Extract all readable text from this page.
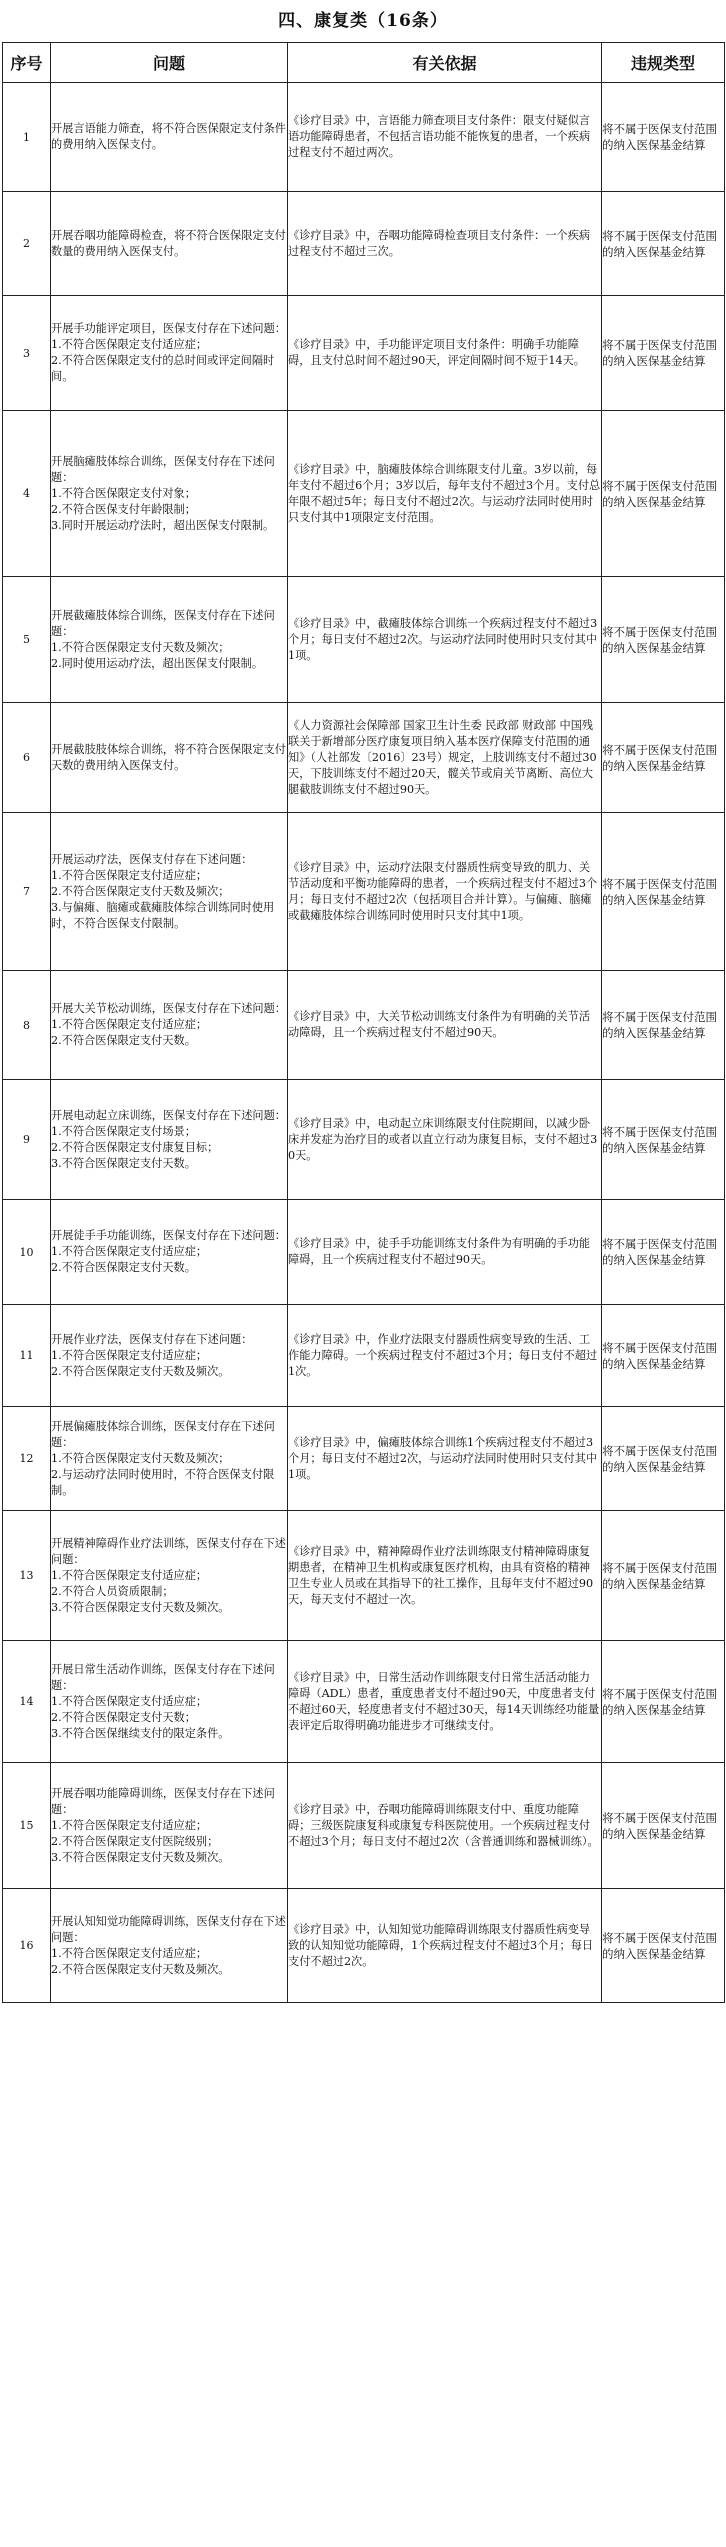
四、康复类（16条）
序号	问题	有关依据	违规类型
1	开展言语能力筛查，将不符合医保限定支付条件的费用纳入医保支付。	《诊疗目录》中，言语能力筛查项目支付条件：限支付疑似言语功能障碍患者，不包括言语功能不能恢复的患者，一个疾病过程支付不超过两次。	将不属于医保支付范围的纳入医保基金结算
2	开展吞咽功能障碍检查，将不符合医保限定支付数量的费用纳入医保支付。	《诊疗目录》中，吞咽功能障碍检查项目支付条件：一个疾病过程支付不超过三次。	将不属于医保支付范围的纳入医保基金结算
3	开展手功能评定项目，医保支付存在下述问题：
1.不符合医保限定支付适应症；
2.不符合医保限定支付的总时间或评定间隔时间。	《诊疗目录》中，手功能评定项目支付条件：明确手功能障碍，且支付总时间不超过90天，评定间隔时间不短于14天。	将不属于医保支付范围的纳入医保基金结算
4	开展脑瘫肢体综合训练，医保支付存在下述问题：
1.不符合医保限定支付对象；
2.不符合医保支付年龄限制；
3.同时开展运动疗法时，超出医保支付限制。	《诊疗目录》中，脑瘫肢体综合训练限支付儿童。3岁以前，每年支付不超过6个月；3岁以后，每年支付不超过3个月。支付总年限不超过5年；每日支付不超过2次。与运动疗法同时使用时只支付其中1项限定支付范围。	将不属于医保支付范围的纳入医保基金结算
5	开展截瘫肢体综合训练，医保支付存在下述问题：
1.不符合医保限定支付天数及频次；
2.同时使用运动疗法，超出医保支付限制。	《诊疗目录》中，截瘫肢体综合训练一个疾病过程支付不超过3个月；每日支付不超过2次。与运动疗法同时使用时只支付其中1项。	将不属于医保支付范围的纳入医保基金结算
6	开展截肢肢体综合训练，将不符合医保限定支付天数的费用纳入医保支付。	《人力资源社会保障部 国家卫生计生委 民政部 财政部 中国残联关于新增部分医疗康复项目纳入基本医疗保障支付范围的通知》（人社部发〔2016〕23号）规定，上肢训练支付不超过30天，下肢训练支付不超过20天，髋关节或肩关节离断、高位大腿截肢训练支付不超过90天。	将不属于医保支付范围的纳入医保基金结算
7	开展运动疗法，医保支付存在下述问题：
1.不符合医保限定支付适应症；
2.不符合医保限定支付天数及频次；
3.与偏瘫、脑瘫或截瘫肢体综合训练同时使用时，不符合医保支付限制。	《诊疗目录》中，运动疗法限支付器质性病变导致的肌力、关节活动度和平衡功能障碍的患者，一个疾病过程支付不超过3个月；每日支付不超过2次（包括项目合并计算）。与偏瘫、脑瘫或截瘫肢体综合训练同时使用时只支付其中1项。	将不属于医保支付范围的纳入医保基金结算
8	开展大关节松动训练，医保支付存在下述问题：
1.不符合医保限定支付适应症；
2.不符合医保限定支付天数。	《诊疗目录》中，大关节松动训练支付条件为有明确的关节活动障碍，且一个疾病过程支付不超过90天。	将不属于医保支付范围的纳入医保基金结算
9	开展电动起立床训练，医保支付存在下述问题：
1.不符合医保限定支付场景；
2.不符合医保限定支付康复目标；
3.不符合医保限定支付天数。	《诊疗目录》中，电动起立床训练限支付住院期间，以减少卧床并发症为治疗目的或者以直立行动为康复目标，支付不超过30天。	将不属于医保支付范围的纳入医保基金结算
10	开展徒手手功能训练，医保支付存在下述问题：
1.不符合医保限定支付适应症；
2.不符合医保限定支付天数。	《诊疗目录》中，徒手手功能训练支付条件为有明确的手功能障碍，且一个疾病过程支付不超过90天。	将不属于医保支付范围的纳入医保基金结算
11	开展作业疗法，医保支付存在下述问题：
1.不符合医保限定支付适应症；
2.不符合医保限定支付天数及频次。	《诊疗目录》中，作业疗法限支付器质性病变导致的生活、工作能力障碍。一个疾病过程支付不超过3个月；每日支付不超过1次。	将不属于医保支付范围的纳入医保基金结算
12	开展偏瘫肢体综合训练，医保支付存在下述问题：
1.不符合医保限定支付天数及频次；
2.与运动疗法同时使用时，不符合医保支付限制。	《诊疗目录》中，偏瘫肢体综合训练1个疾病过程支付不超过3个月；每日支付不超过2次，与运动疗法同时使用时只支付其中1项。	将不属于医保支付范围的纳入医保基金结算
13	开展精神障碍作业疗法训练，医保支付存在下述问题：
1.不符合医保限定支付适应症；
2.不符合人员资质限制；
3.不符合医保限定支付天数及频次。	《诊疗目录》中，精神障碍作业疗法训练限支付精神障碍康复期患者，在精神卫生机构或康复医疗机构，由具有资格的精神卫生专业人员或在其指导下的社工操作，且每年支付不超过90天，每天支付不超过一次。	将不属于医保支付范围的纳入医保基金结算
14	开展日常生活动作训练，医保支付存在下述问题：
1.不符合医保限定支付适应症；
2.不符合医保限定支付天数；
3.不符合医保继续支付的限定条件。	《诊疗目录》中，日常生活动作训练限支付日常生活活动能力障碍（ADL）患者，重度患者支付不超过90天，中度患者支付不超过60天，轻度患者支付不超过30天，每14天训练经功能量表评定后取得明确功能进步才可继续支付。	将不属于医保支付范围的纳入医保基金结算
15	开展吞咽功能障碍训练，医保支付存在下述问题：
1.不符合医保限定支付适应症；
2.不符合医保限定支付医院级别；
3.不符合医保限定支付天数及频次。	《诊疗目录》中，吞咽功能障碍训练限支付中、重度功能障碍；三级医院康复科或康复专科医院使用。一个疾病过程支付不超过3个月；每日支付不超过2次（含普通训练和器械训练）。	将不属于医保支付范围的纳入医保基金结算
16	开展认知知觉功能障碍训练，医保支付存在下述问题：
1.不符合医保限定支付适应症；
2.不符合医保限定支付天数及频次。	《诊疗目录》中，认知知觉功能障碍训练限支付器质性病变导致的认知知觉功能障碍，1个疾病过程支付不超过3个月；每日支付不超过2次。	将不属于医保支付范围的纳入医保基金结算
